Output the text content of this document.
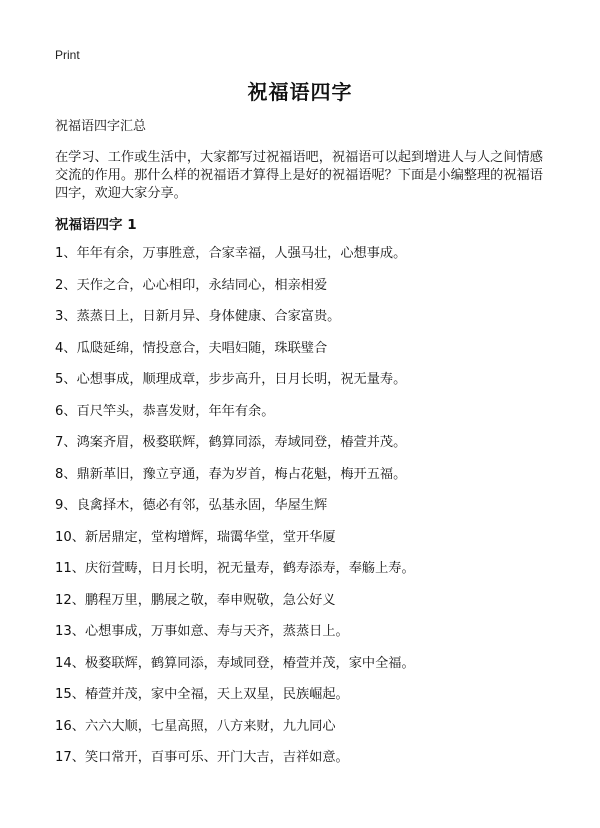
Print
祝福语四字
祝福语四字汇总

在学习、工作或生活中，大家都写过祝福语吧，祝福语可以起到增进人与人之间情感交流的作用。那什么样的祝福语才算得上是好的祝福语呢？下面是小编整理的祝福语四字，欢迎大家分享。

祝福语四字 1
1、年年有余，万事胜意，合家幸福，人强马壮，心想事成。
2、天作之合，心心相印，永结同心，相亲相爱
3、蒸蒸日上，日新月异、身体健康、合家富贵。
4、瓜瓞延绵，情投意合，夫唱妇随，珠联璧合
5、心想事成，顺理成章，步步高升，日月长明，祝无量寿。
6、百尺竿头，恭喜发财，年年有余。
7、鸿案齐眉，极婺联辉，鹤算同添，寿域同登，椿萱并茂。
8、鼎新革旧，豫立亨通，春为岁首，梅占花魁，梅开五福。
9、良禽择木，德必有邻，弘基永固，华屋生辉
10、新居鼎定，堂构增辉，瑞霭华堂，堂开华厦
11、庆衍萱畴，日月长明，祝无量寿，鹤寿添寿，奉觞上寿。
12、鹏程万里，鹏展之敬，奉申贶敬，急公好义
13、心想事成，万事如意、寿与天齐，蒸蒸日上。
14、极婺联辉，鹤算同添，寿域同登，椿萱并茂，家中全福。
15、椿萱并茂，家中全福，天上双星，民族崛起。
16、六六大顺，七星高照，八方来财，九九同心
17、笑口常开，百事可乐、开门大吉，吉祥如意。
